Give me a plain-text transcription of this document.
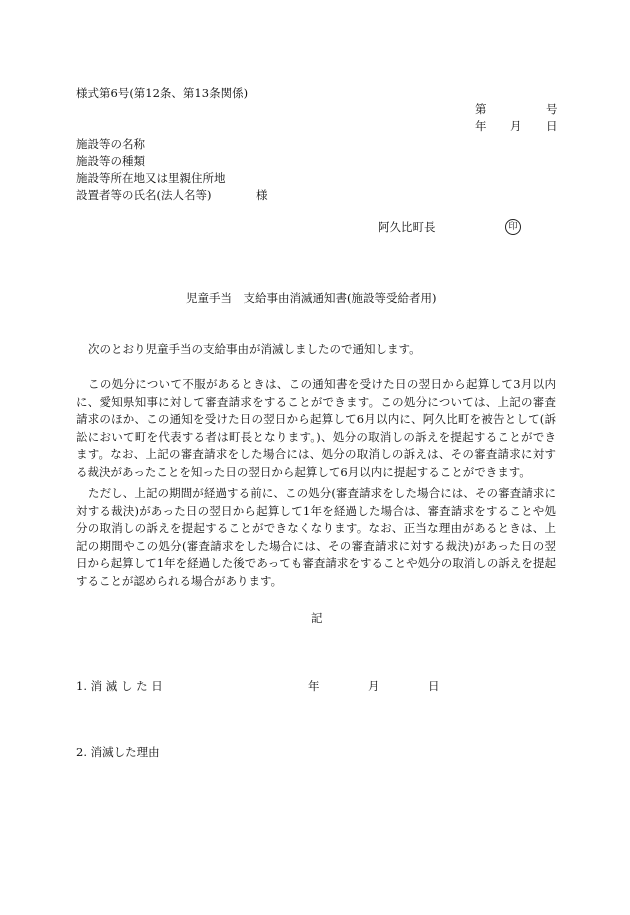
様式第6号(第12条、第13条関係)
第	号
年 月 日
施設等の名称
施設等の種類
施設等所在地又は里親住所地
設置者等の氏名(法人名等)	様
阿久比町長	印
児童手当　支給事由消滅通知書(施設等受給者用)
次のとおり児童手当の支給事由が消滅しましたので通知します。
この処分について不服があるときは、この通知書を受けた日の翌日から起算して3月以内に、愛知県知事に対して審査請求をすることができます。この処分については、上記の審査請求のほか、この通知を受けた日の翌日から起算して6月以内に、阿久比町を被告として(訴訟において町を代表する者は町長となります。)、処分の取消しの訴えを提起することができます。なお、上記の審査請求をした場合には、処分の取消しの訴えは、その審査請求に対する裁決があったことを知った日の翌日から起算して6月以内に提起することができます。
ただし、上記の期間が経過する前に、この処分(審査請求をした場合には、その審査請求に対する裁決)があった日の翌日から起算して1年を経過した場合は、審査請求をすることや処分の取消しの訴えを提起することができなくなります。なお、正当な理由があるときは、上記の期間やこの処分(審査請求をした場合には、その審査請求に対する裁決)があった日の翌日から起算して1年を経過した後であっても審査請求をすることや処分の取消しの訴えを提起することが認められる場合があります。
記
1. 消 滅 し た 日	年	月	日
2. 消滅した理由
